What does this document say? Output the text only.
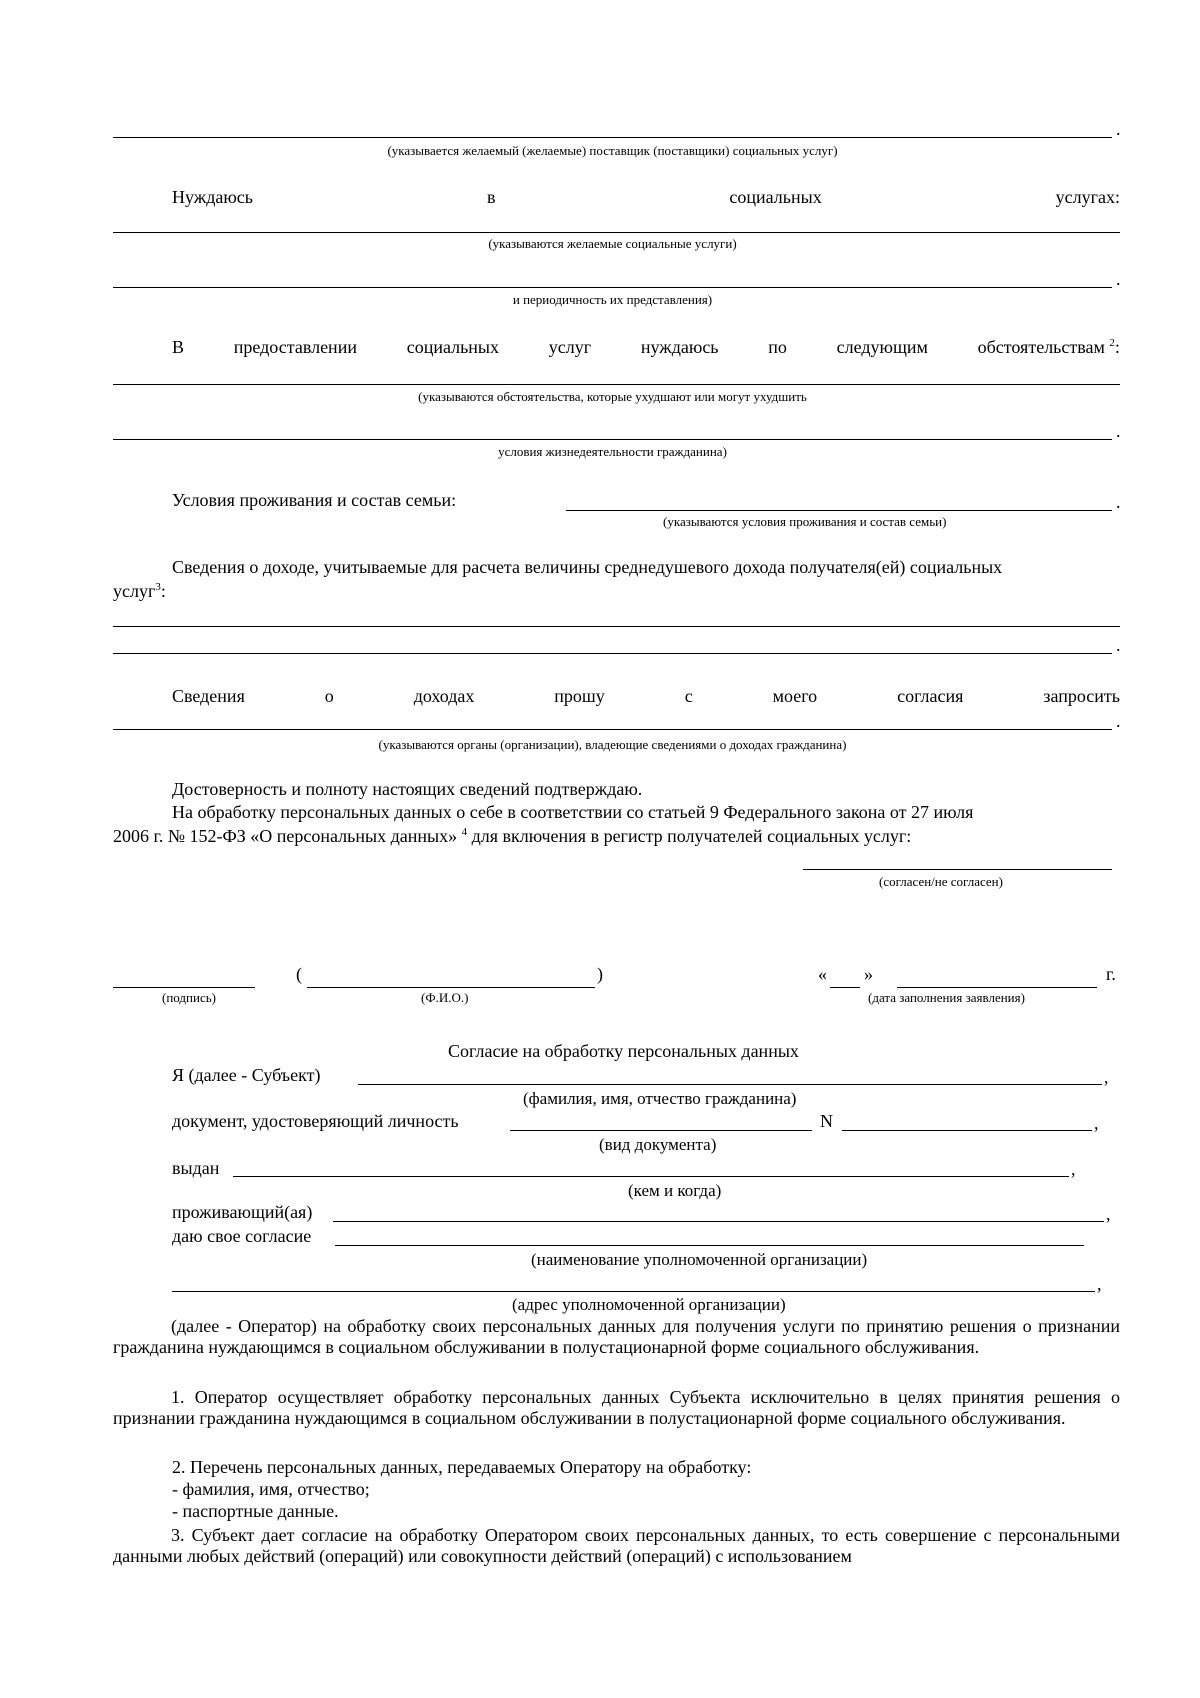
.
(указывается желаемый (желаемые) поставщик (поставщики) социальных услуг)
Нуждаюсь	в	социальных	услугах:
(указываются желаемые социальные услуги)
.
и периодичность их представления)
В	предоставлении	социальных	услуг	нуждаюсь	по	следующим	обстоятельствам $^2$:
(указываются обстоятельства, которые ухудшают или могут ухудшить
.
условия жизнедеятельности гражданина)
Условия проживания и состав семьи:	.
(указываются условия проживания и состав семьи)
Сведения о доходе, учитываемые для расчета величины среднедушевого дохода получателя(ей) социальных
услуг$^3$:
.
Сведения	о	доходах	прошу	с	моего	согласия	запросить
.
(указываются органы (организации), владеющие сведениями о доходах гражданина)
Достоверность и полноту настоящих сведений подтверждаю.
На обработку персональных данных о себе в соответствии со статьей 9 Федерального закона от 27 июля
2006 г. № 152-ФЗ «О персональных данных» $^4$ для включения в регистр получателей социальных услуг:
(согласен/не согласен)
(	)	« »	г.
(подпись)	(Ф.И.О.)	(дата заполнения заявления)
Согласие на обработку персональных данных
Я (далее - Субъект)	,
(фамилия, имя, отчество гражданина)
документ, удостоверяющий личность	N	,
(вид документа)
выдан	,
(кем и когда)
проживающий(ая)	,
даю свое согласие
(наименование уполномоченной организации)
,
(адрес уполномоченной организации)
(далее - Оператор) на обработку своих персональных данных для получения услуги по принятию решения о признании гражданина нуждающимся в социальном обслуживании в полустационарной форме социального обслуживания.
1. Оператор осуществляет обработку персональных данных Субъекта исключительно в целях принятия решения о признании гражданина нуждающимся в социальном обслуживании в полустационарной форме социального обслуживания.
2. Перечень персональных данных, передаваемых Оператору на обработку:
- фамилия, имя, отчество;
- паспортные данные.
3. Субъект дает согласие на обработку Оператором своих персональных данных, то есть совершение с персональными данными любых действий (операций) или совокупности действий (операций) с использованием
